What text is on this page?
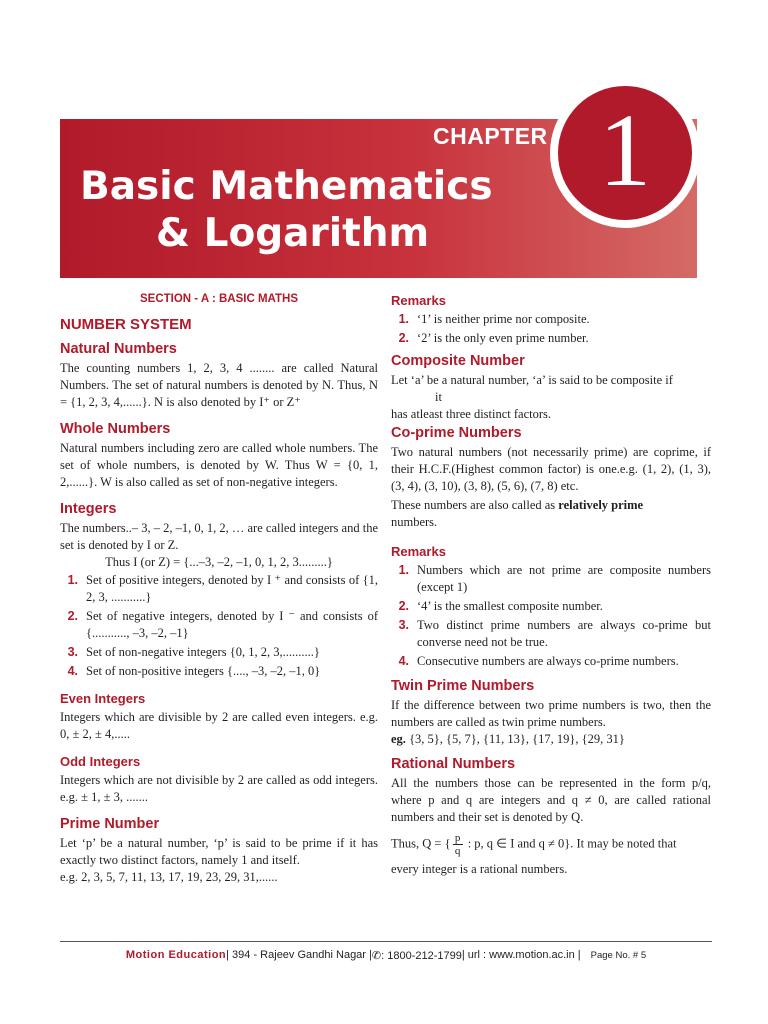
CHAPTER 1
Basic Mathematics
& Logarithm
SECTION - A : BASIC MATHS
NUMBER SYSTEM
Natural Numbers
The counting numbers 1, 2, 3, 4 ........ are called Natural Numbers. The set of natural numbers is denoted by N. Thus, N = {1, 2, 3, 4,......}. N is also denoted by I⁺ or Z⁺
Whole Numbers
Natural numbers including zero are called whole numbers. The set of whole numbers, is denoted by W. Thus W = {0, 1, 2,......}. W is also called as set of non-negative integers.
Integers
The numbers..– 3, – 2, –1, 0, 1, 2, … are called integers and the set is denoted by I or Z.
Thus I (or Z) = {...–3, –2, –1, 0, 1, 2, 3.........}
1. Set of positive integers, denoted by I ⁺ and consists of {1, 2, 3, ...........}
2. Set of negative integers, denoted by I ⁻ and consists of {..........., –3, –2, –1}
3. Set of non-negative integers {0, 1, 2, 3,..........}
4. Set of non-positive integers {...., –3, –2, –1, 0}
Even Integers
Integers which are divisible by 2 are called even integers. e.g. 0, ± 2, ± 4,.....
Odd Integers
Integers which are not divisible by 2 are called as odd integers. e.g. ± 1, ± 3, .......
Prime Number
Let ‘p’ be a natural number, ‘p’ is said to be prime if it has exactly two distinct factors, namely 1 and itself.
e.g. 2, 3, 5, 7, 11, 13, 17, 19, 23, 29, 31,......
Remarks
1. ‘1’ is neither prime nor composite.
2. ‘2’ is the only even prime number.
Composite Number
Let ‘a’ be a natural number, ‘a’ is said to be composite if
it
has atleast three distinct factors.
Co-prime Numbers
Two natural numbers (not necessarily prime) are coprime, if their H.C.F.(Highest common factor) is one.e.g. (1, 2), (1, 3), (3, 4), (3, 10), (3, 8), (5, 6), (7, 8) etc.
These numbers are also called as relatively prime
numbers.
Remarks
1. Numbers which are not prime are composite numbers (except 1)
2. ‘4’ is the smallest composite number.
3. Two distinct prime numbers are always co-prime but converse need not be true.
4. Consecutive numbers are always co-prime numbers.
Twin Prime Numbers
If the difference between two prime numbers is two, then the numbers are called as twin prime numbers.
eg. {3, 5}, {5, 7}, {11, 13}, {17, 19}, {29, 31}
Rational Numbers
All the numbers those can be represented in the form p/q, where p and q are integers and q ≠ 0, are called rational numbers and their set is denoted by Q.
Thus, Q = { $\frac{p}{q}$ : p, q ∈ I and q ≠ 0}. It may be noted that
every integer is a rational numbers.
Motion Education | 394 - Rajeev Gandhi Nagar | ✆: 1800-212-1799 | url : www.motion.ac.in | Page No. # 5
